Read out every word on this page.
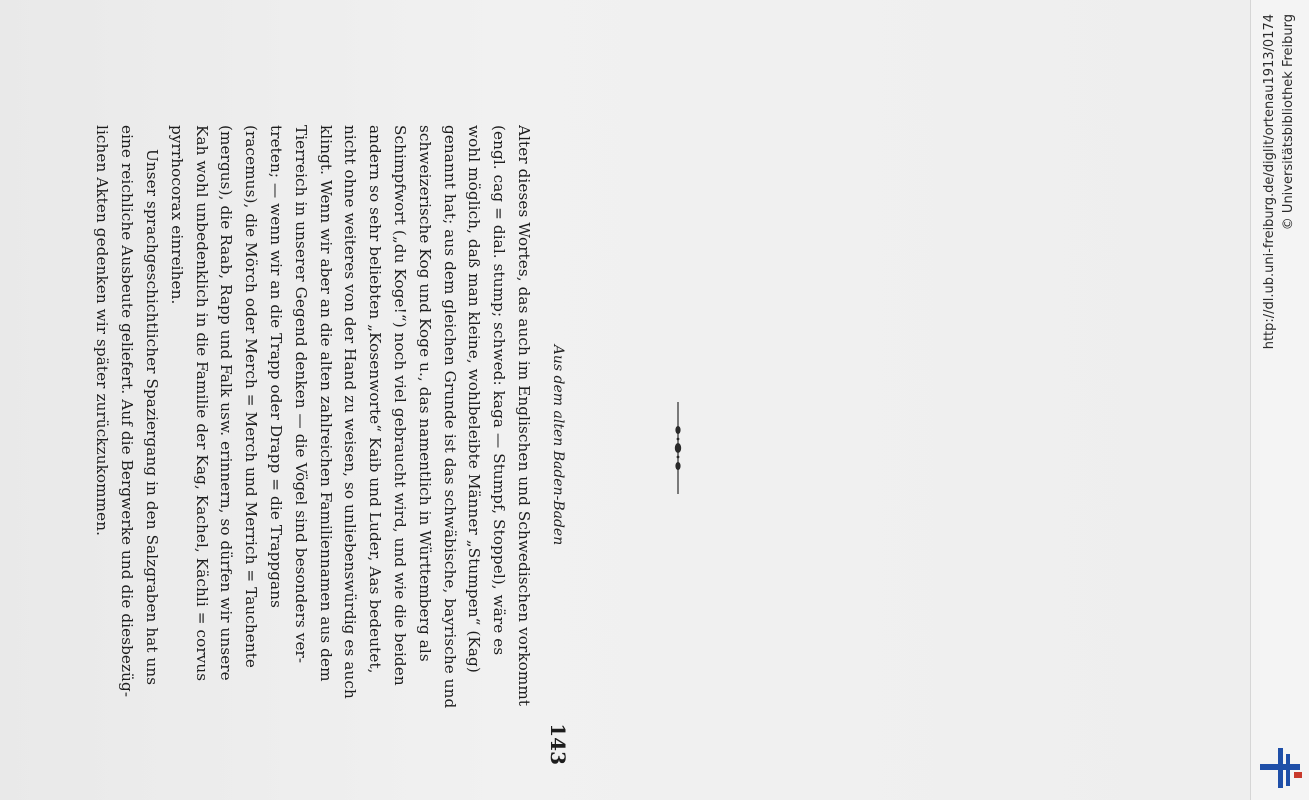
Aus dem alten Baden-Baden
143
Alter dieses Wortes, das auch im Englischen und Schwedischen vorkommt
(engl. cag = dial. stump; schwed: kaga — Stumpf, Stoppel), wäre es
wohl möglich, daß man kleine, wohlbeleibte Männer „Stumpen“ (Kag)
genannt hat; aus dem gleichen Grunde ist das schwäbische, bayrische und
schweizerische Kog und Koge u., das namentlich in Württemberg als
Schimpfwort („du Koge!“) noch viel gebraucht wird, und wie die beiden
andern so sehr beliebten „Kosenworte“ Kaib und Luder, Aas bedeutet,
nicht ohne weiteres von der Hand zu weisen, so unliebenswürdig es auch
klingt. Wenn wir aber an die alten zahlreichen Familiennamen aus dem
Tierreich in unserer Gegend denken — die Vögel sind besonders ver-
treten; — wenn wir an die Trapp oder Drapp = die Trappgans
(racemus), die Mörch oder Merch = Merch und Merrich = Tauchente
(mergus), die Raab, Rapp und Falk usw. erinnern, so dürfen wir unsere
Kah wohl unbedenklich in die Familie der Kag, Kachel, Kächli = corvus
pyrrhocorax einreihen.
Unser sprachgeschichtlicher Spaziergang in den Salzgraben hat uns
eine reichliche Ausbeute geliefert. Auf die Bergwerke und die diesbezüg-
lichen Akten gedenken wir später zurückzukommen.	http://dl.ub.uni-freiburg.de/diglit/ortenau1913/0174 © Universitätsbibliothek Freiburg
